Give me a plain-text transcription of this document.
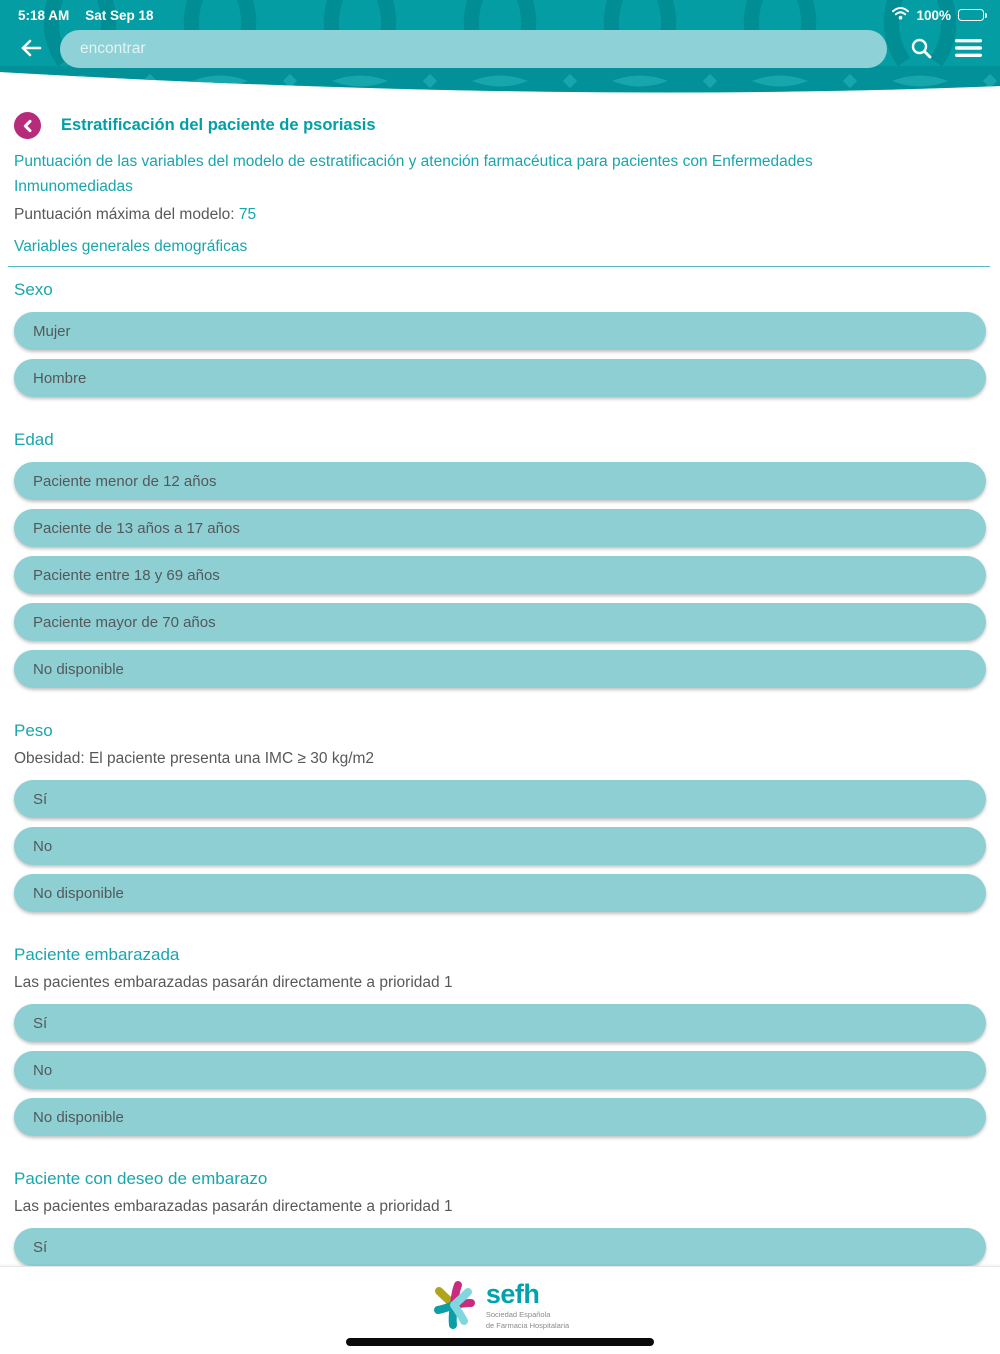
5:18 AM Sat Sep 18	100%
encontrar
Estratificación del paciente de psoriasis

Puntuación de las variables del modelo de estratificación y atención farmacéutica para pacientes con Enfermedades Inmunomediadas

Puntuación máxima del modelo: 75

Variables generales demográficas
Sexo
Mujer
Hombre
Edad
Paciente menor de 12 años
Paciente de 13 años a 17 años
Paciente entre 18 y 69 años
Paciente mayor de 70 años
No disponible
Peso

Obesidad: El paciente presenta una IMC ≥ 30 kg/m2

Sí
No
No disponible
Paciente embarazada

Las pacientes embarazadas pasarán directamente a prioridad 1

Sí
No
No disponible
Paciente con deseo de embarazo

Las pacientes embarazadas pasarán directamente a prioridad 1

Sí
sefh
Sociedad Española
de Farmacia Hospitalaria
